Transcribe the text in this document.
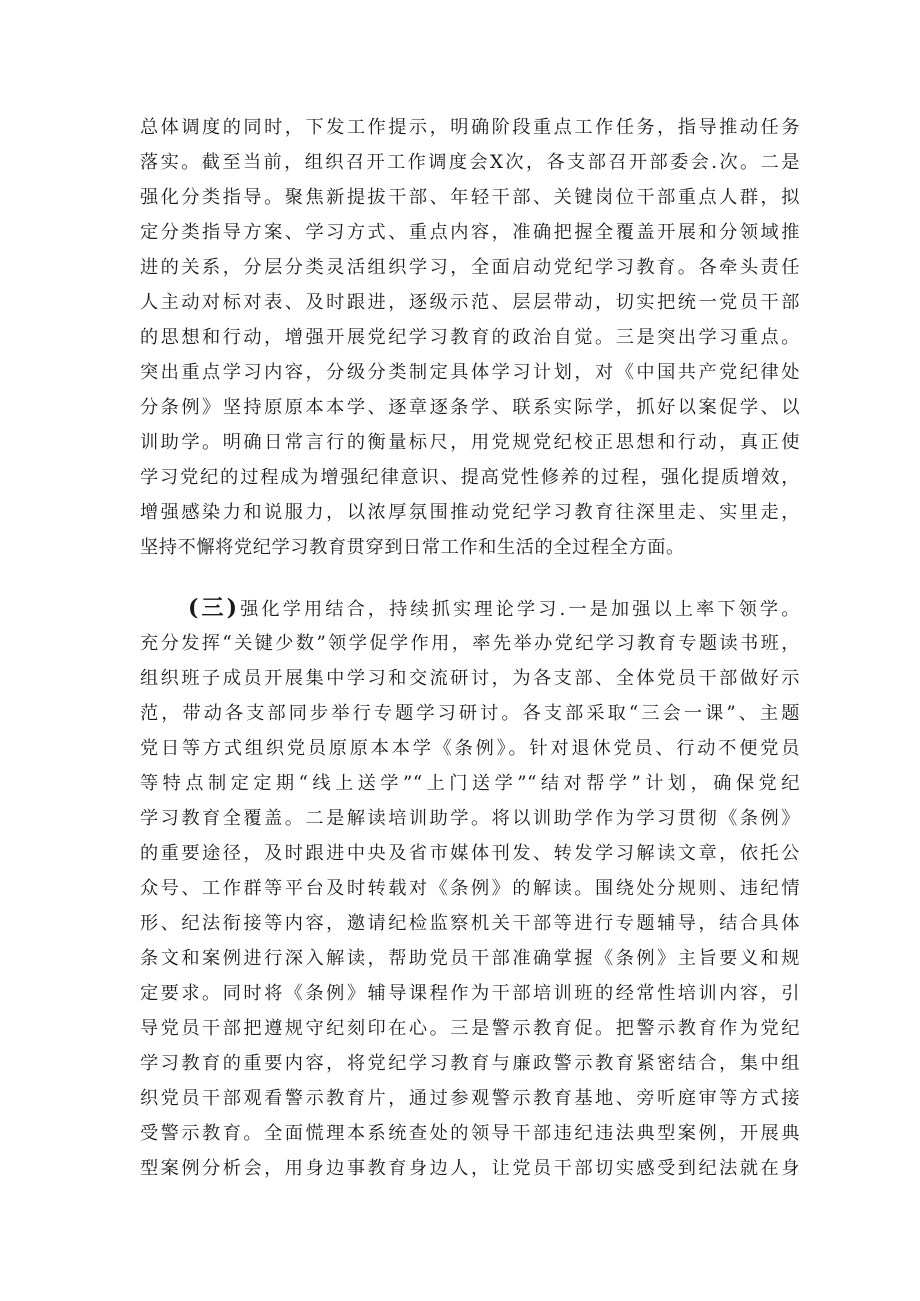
总体调度的同时，下发工作提示，明确阶段重点工作任务，指导推动任务
落实。截至当前，组织召开工作调度会X次，各支部召开部委会.次。二是
强化分类指导。聚焦新提拔干部、年轻干部、关键岗位干部重点人群，拟
定分类指导方案、学习方式、重点内容，准确把握全覆盖开展和分领域推
进的关系，分层分类灵活组织学习，全面启动党纪学习教育。各牵头责任
人主动对标对表、及时跟进，逐级示范、层层带动，切实把统一党员干部
的思想和行动，增强开展党纪学习教育的政治自觉。三是突出学习重点。
突出重点学习内容，分级分类制定具体学习计划，对《中国共产党纪律处
分条例》坚持原原本本学、逐章逐条学、联系实际学，抓好以案促学、以
训助学。明确日常言行的衡量标尺，用党规党纪校正思想和行动，真正使
学习党纪的过程成为增强纪律意识、提高党性修养的过程，强化提质增效，
增强感染力和说服力，以浓厚氛围推动党纪学习教育往深里走、实里走，
坚持不懈将党纪学习教育贯穿到日常工作和生活的全过程全方面。
(三)强化学用结合，持续抓实理论学习.一是加强以上率下领学。
充分发挥“关键少数”领学促学作用，率先举办党纪学习教育专题读书班，
组织班子成员开展集中学习和交流研讨，为各支部、全体党员干部做好示
范，带动各支部同步举行专题学习研讨。各支部采取“三会一课”、主题
党日等方式组织党员原原本本学《条例》。针对退休党员、行动不便党员
等特点制定定期“线上送学”“上门送学”“结对帮学”计划，确保党纪
学习教育全覆盖。二是解读培训助学。将以训助学作为学习贯彻《条例》
的重要途径，及时跟进中央及省市媒体刊发、转发学习解读文章，依托公
众号、工作群等平台及时转载对《条例》的解读。围绕处分规则、违纪情
形、纪法衔接等内容，邀请纪检监察机关干部等进行专题辅导，结合具体
条文和案例进行深入解读，帮助党员干部准确掌握《条例》主旨要义和规
定要求。同时将《条例》辅导课程作为干部培训班的经常性培训内容，引
导党员干部把遵规守纪刻印在心。三是警示教育促。把警示教育作为党纪
学习教育的重要内容，将党纪学习教育与廉政警示教育紧密结合，集中组
织党员干部观看警示教育片，通过参观警示教育基地、旁听庭审等方式接
受警示教育。全面慌理本系统查处的领导干部违纪违法典型案例，开展典
型案例分析会，用身边事教育身边人，让党员干部切实感受到纪法就在身
